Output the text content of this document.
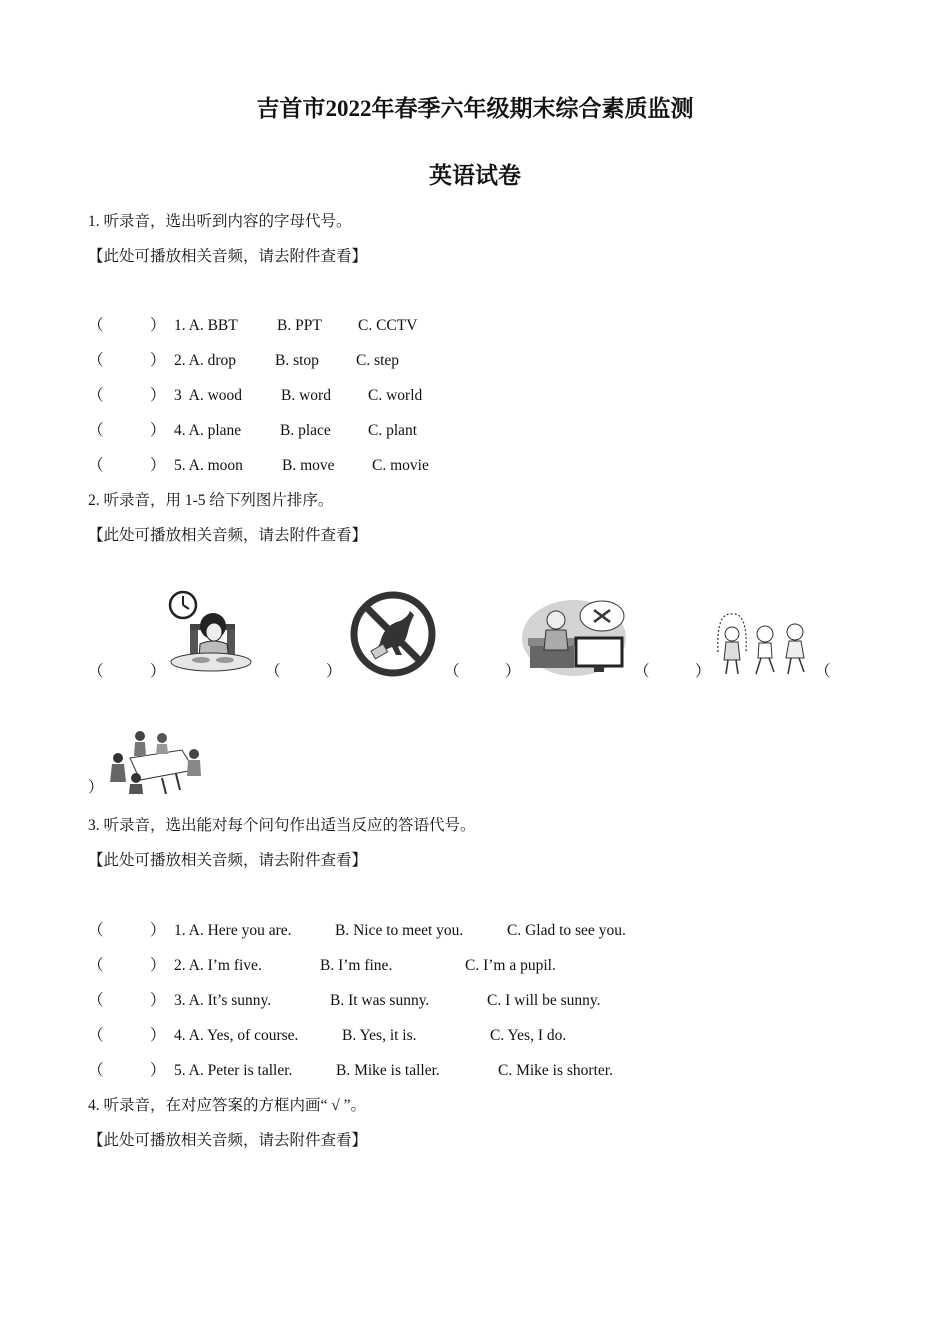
吉首市2022年春季六年级期末综合素质监测
英语试卷
1. 听录音，选出听到内容的字母代号。
【此处可播放相关音频，请去附件查看】
（	） 1. A. BBT	B. PPT C. CCTV
（	） 2. A. drop	B. stop C. step
（	） 3  A. wood	B. word C. world
（	） 4. A. plane	B. place C. plant
（	） 5. A. moon	B. move C. movie
2. 听录音，用 1-5 给下列图片排序。
【此处可播放相关音频，请去附件查看】
（	）	（	）	（	）	（	）	（
）
3. 听录音，选出能对每个问句作出适当反应的答语代号。
【此处可播放相关音频，请去附件查看】
（	） 1. A. Here you are.	B. Nice to meet you.	C. Glad to see you.
（	） 2. A. I’m five.	B. I’m fine.	C. I’m a pupil.
（	） 3. A. It’s sunny.	B. It was sunny.	C. I will be sunny.
（	） 4. A. Yes, of course.	B. Yes, it is.	C. Yes, I do.
（	） 5. A. Peter is taller.	B. Mike is taller.	C. Mike is shorter.
4. 听录音，在对应答案的方框内画“ √ ”。
【此处可播放相关音频，请去附件查看】
